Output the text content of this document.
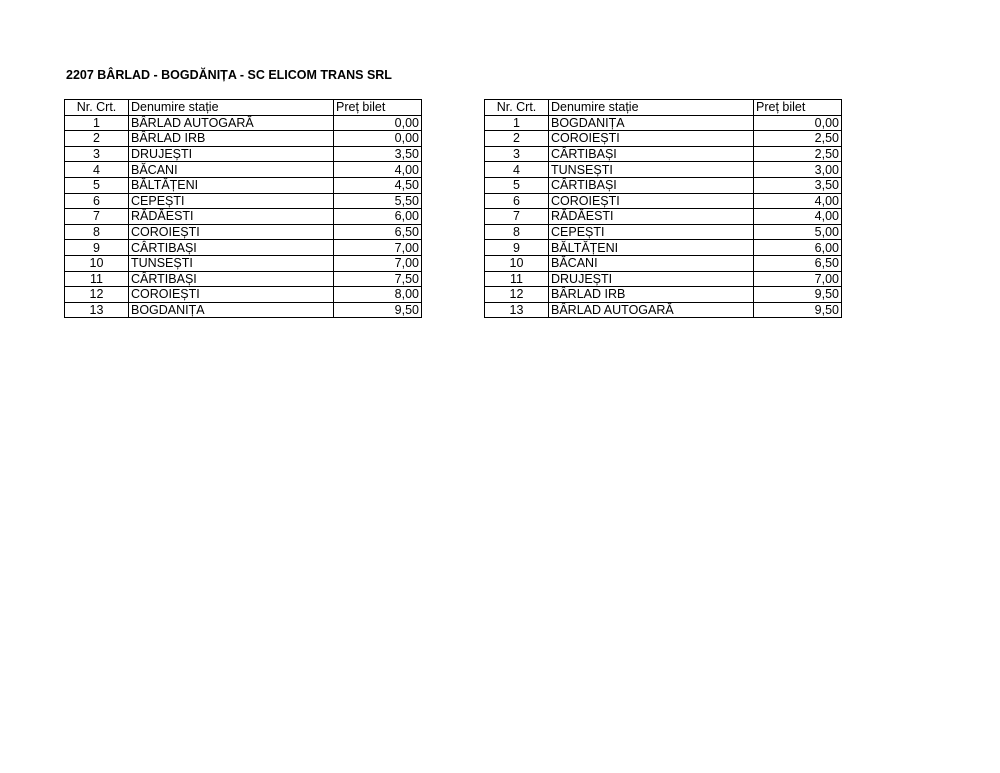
2207 BÂRLAD - BOGDĂNIȚA - SC ELICOM TRANS SRL
Nr. Crt.	Denumire stație	Preț bilet
1	BÂRLAD AUTOGARĂ	0,00
2	BÂRLAD IRB	0,00
3	DRUJEȘTI	3,50
4	BĂCANI	4,00
5	BĂLTĂȚENI	4,50
6	CEPEȘTI	5,50
7	RĂDĂESTI	6,00
8	COROIEȘTI	6,50
9	CÂRTIBAȘI	7,00
10	TUNSEȘTI	7,00
11	CÂRTIBAȘI	7,50
12	COROIEȘTI	8,00
13	BOGDANIȚA	9,50
Nr. Crt.	Denumire stație	Preț bilet
1	BOGDANIȚA	0,00
2	COROIEȘTI	2,50
3	CÂRTIBAȘI	2,50
4	TUNSEȘTI	3,00
5	CÂRTIBAȘI	3,50
6	COROIEȘTI	4,00
7	RĂDĂESTI	4,00
8	CEPEȘTI	5,00
9	BĂLTĂȚENI	6,00
10	BĂCANI	6,50
11	DRUJEȘTI	7,00
12	BÂRLAD IRB	9,50
13	BÂRLAD AUTOGARĂ	9,50
